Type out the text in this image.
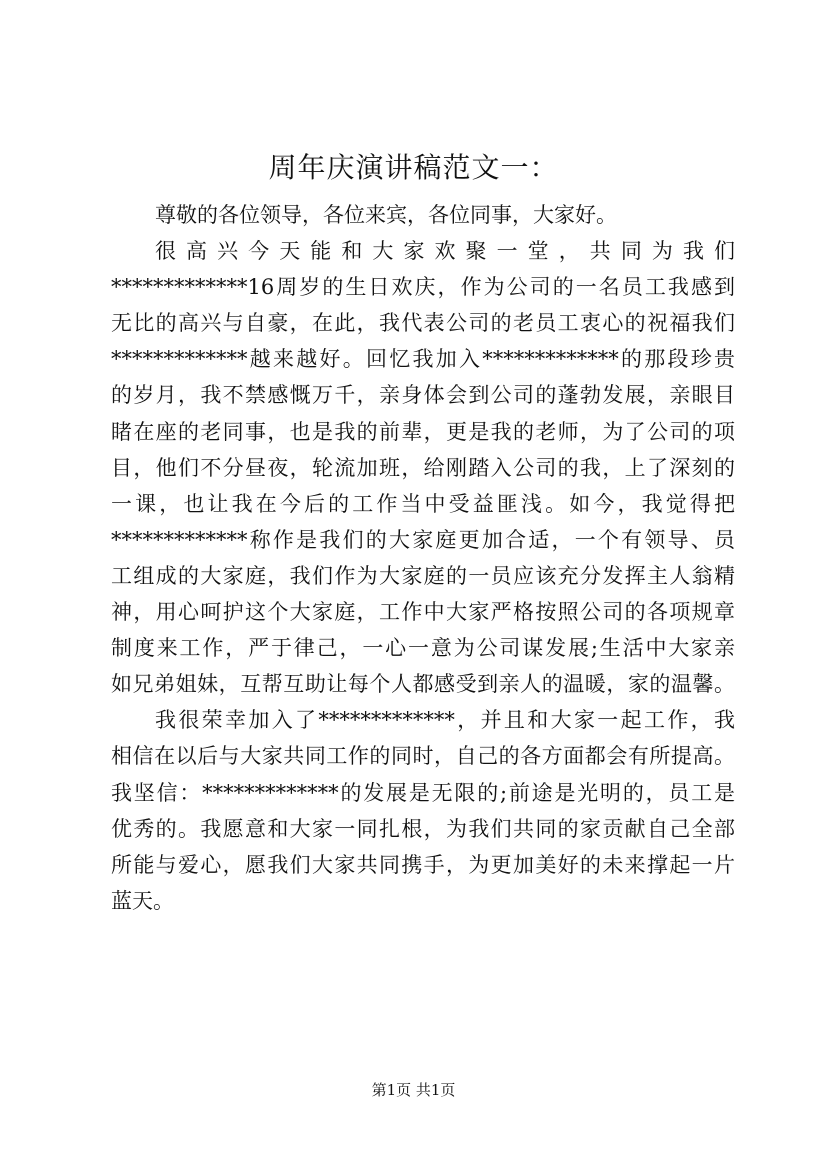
周年庆演讲稿范文一：
尊敬的各位领导，各位来宾，各位同事，大家好。
很高兴今天能和大家欢聚一堂，共同为我们
*************16周岁的生日欢庆，作为公司的一名员工我感到
无比的高兴与自豪，在此，我代表公司的老员工衷心的祝福我们
*************越来越好。回忆我加入*************的那段珍贵
的岁月，我不禁感慨万千，亲身体会到公司的蓬勃发展，亲眼目
睹在座的老同事，也是我的前辈，更是我的老师，为了公司的项
目，他们不分昼夜，轮流加班，给刚踏入公司的我，上了深刻的
一课，也让我在今后的工作当中受益匪浅。如今，我觉得把
*************称作是我们的大家庭更加合适，一个有领导、员
工组成的大家庭，我们作为大家庭的一员应该充分发挥主人翁精
神，用心呵护这个大家庭，工作中大家严格按照公司的各项规章
制度来工作，严于律己，一心一意为公司谋发展;生活中大家亲
如兄弟姐妹，互帮互助让每个人都感受到亲人的温暖，家的温馨。
我很荣幸加入了*************，并且和大家一起工作，我
相信在以后与大家共同工作的同时，自己的各方面都会有所提高。
我坚信：*************的发展是无限的;前途是光明的，员工是
优秀的。我愿意和大家一同扎根，为我们共同的家贡献自己全部
所能与爱心，愿我们大家共同携手，为更加美好的未来撑起一片
蓝天。
第1页 共1页
